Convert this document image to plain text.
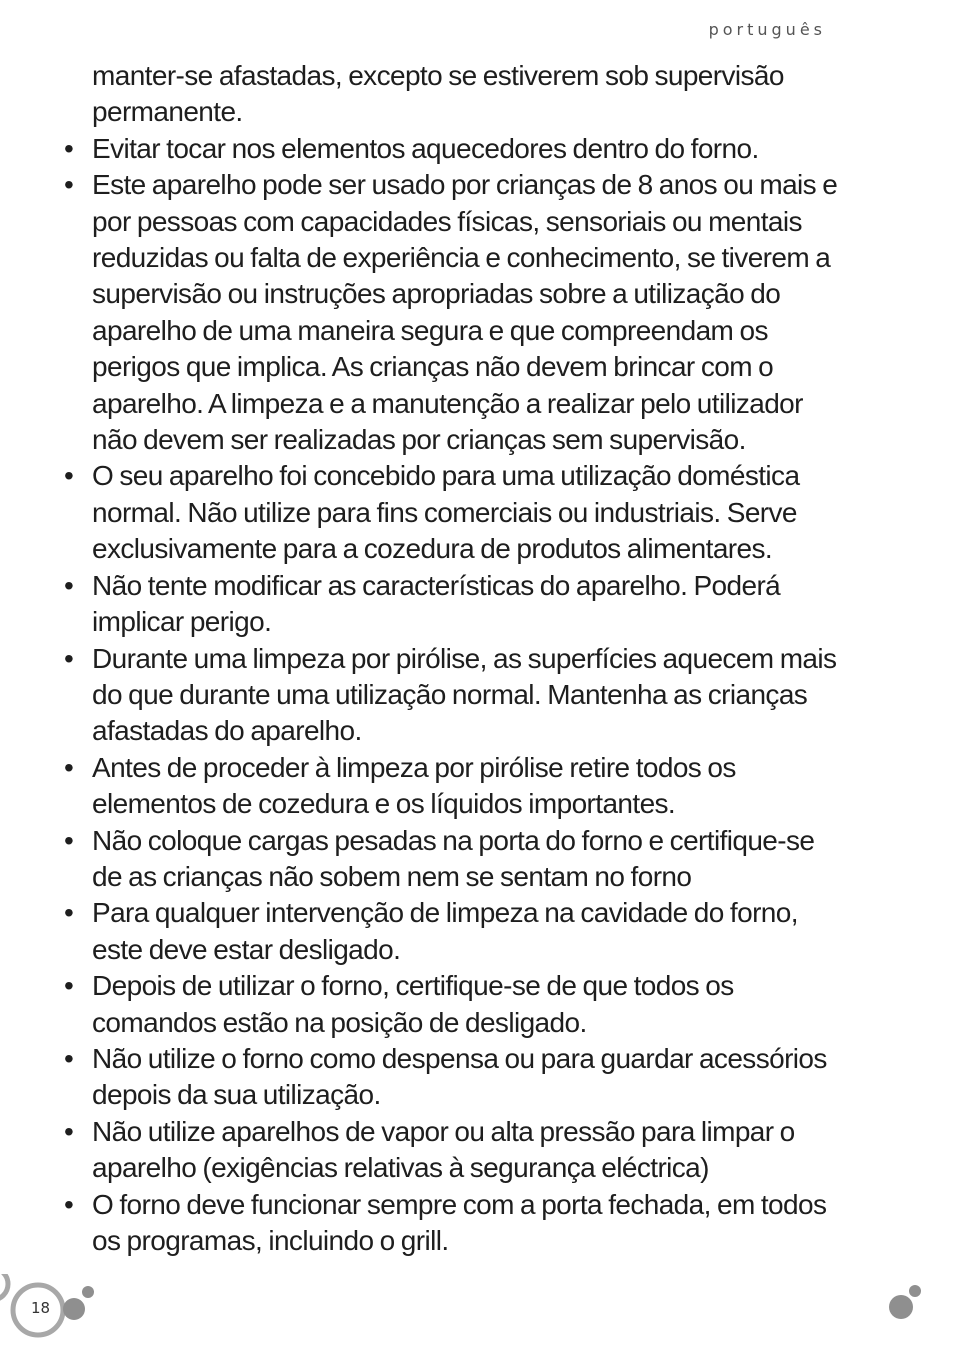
português
manter-se afastadas, excepto se estiverem sob supervisão permanente.
• Evitar tocar nos elementos aquecedores dentro do forno.
• Este aparelho pode ser usado por crianças de 8 anos ou mais e por pessoas com capacidades físicas, sensoriais ou mentais reduzidas ou falta de experiência e conhecimento, se tiverem a supervisão ou instruções apropriadas sobre a utilização do aparelho de uma maneira segura e que compreendam os perigos que implica. As crianças não devem brincar com o aparelho. A limpeza e a manutenção a realizar pelo utilizador não devem ser realizadas por crianças sem supervisão.
• O seu aparelho foi concebido para uma utilização doméstica normal. Não utilize para fins comerciais ou industriais. Serve exclusivamente para a cozedura de produtos alimentares.
• Não tente modificar as características do aparelho. Poderá implicar perigo.
• Durante uma limpeza por pirólise, as superfícies aquecem mais do que durante uma utilização normal. Mantenha as crianças afastadas do aparelho.
• Antes de proceder à limpeza por pirólise retire todos os elementos de cozedura e os líquidos importantes.
• Não coloque cargas pesadas na porta do forno e certifique-se de as crianças não sobem nem se sentam no forno
• Para qualquer intervenção de limpeza na cavidade do forno, este deve estar desligado.
• Depois de utilizar o forno, certifique-se de que todos os comandos estão na posição de desligado.
• Não utilize o forno como despensa ou para guardar acessórios depois da sua utilização.
• Não utilize aparelhos de vapor ou alta pressão para limpar o aparelho (exigências relativas à segurança eléctrica)
• O forno deve funcionar sempre com a porta fechada, em todos os programas, incluindo o grill.
18
